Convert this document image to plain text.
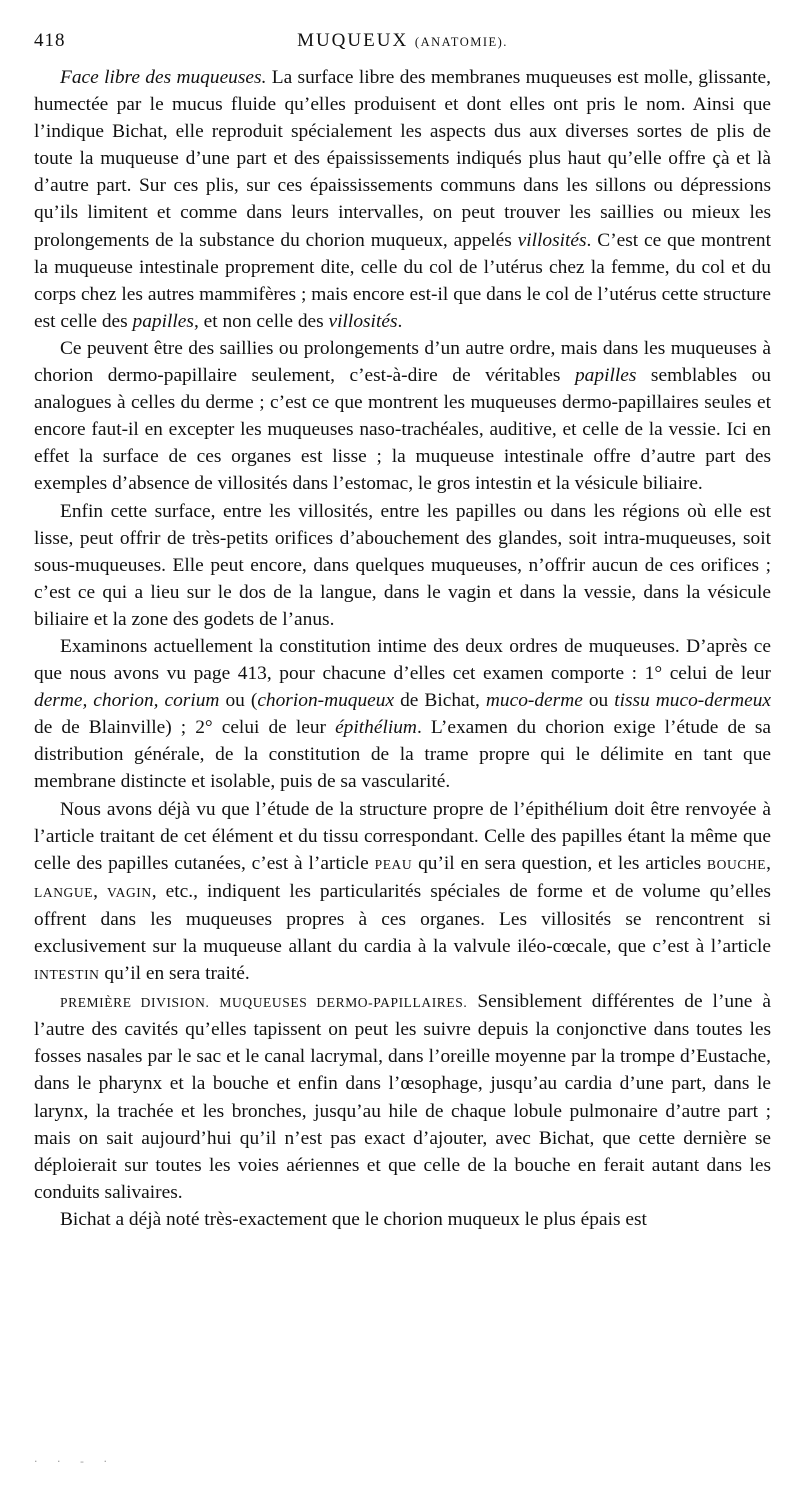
418	MUQUEUX (ANATOMIE).

Face libre des muqueuses. La surface libre des membranes muqueuses est molle, glissante, humectée par le mucus fluide qu’elles produisent et dont elles ont pris le nom. Ainsi que l’indique Bichat, elle reproduit spécialement les aspects dus aux diverses sortes de plis de toute la muqueuse d’une part et des épaississements indiqués plus haut qu’elle offre çà et là d’autre part. Sur ces plis, sur ces épaississements communs dans les sillons ou dépressions qu’ils limitent et comme dans leurs intervalles, on peut trouver les saillies ou mieux les prolongements de la substance du chorion muqueux, appelés villosités. C’est ce que montrent la muqueuse intestinale proprement dite, celle du col de l’utérus chez la femme, du col et du corps chez les autres mammifères ; mais encore est-il que dans le col de l’utérus cette structure est celle des papilles, et non celle des villosités.

Ce peuvent être des saillies ou prolongements d’un autre ordre, mais dans les muqueuses à chorion dermo-papillaire seulement, c’est-à-dire de véritables papilles semblables ou analogues à celles du derme ; c’est ce que montrent les muqueuses dermo-papillaires seules et encore faut-il en excepter les muqueuses naso-trachéales, auditive, et celle de la vessie. Ici en effet la surface de ces organes est lisse ; la muqueuse intestinale offre d’autre part des exemples d’absence de villosités dans l’estomac, le gros intestin et la vésicule biliaire.

Enfin cette surface, entre les villosités, entre les papilles ou dans les régions où elle est lisse, peut offrir de très-petits orifices d’abouchement des glandes, soit intra-muqueuses, soit sous-muqueuses. Elle peut encore, dans quelques muqueuses, n’offrir aucun de ces orifices ; c’est ce qui a lieu sur le dos de la langue, dans le vagin et dans la vessie, dans la vésicule biliaire et la zone des godets de l’anus.

Examinons actuellement la constitution intime des deux ordres de muqueuses. D’après ce que nous avons vu page 413, pour chacune d’elles cet examen comporte : 1° celui de leur derme, chorion, corium ou (chorion-muqueux de Bichat, muco-derme ou tissu muco-dermeux de de Blainville) ; 2° celui de leur épithélium. L’examen du chorion exige l’étude de sa distribution générale, de la constitution de la trame propre qui le délimite en tant que membrane distincte et isolable, puis de sa vascularité.

Nous avons déjà vu que l’étude de la structure propre de l’épithélium doit être renvoyée à l’article traitant de cet élément et du tissu correspondant. Celle des papilles étant la même que celle des papilles cutanées, c’est à l’article PEAU qu’il en sera question, et les articles BOUCHE, LANGUE, VAGIN, etc., indiquent les particularités spéciales de forme et de volume qu’elles offrent dans les muqueuses propres à ces organes. Les villosités se rencontrent si exclusivement sur la muqueuse allant du cardia à la valvule iléo-cœcale, que c’est à l’article INTESTIN qu’il en sera traité.

PREMIÈRE DIVISION. MUQUEUSES DERMO-PAPILLAIRES. Sensiblement différentes de l’une à l’autre des cavités qu’elles tapissent on peut les suivre depuis la conjonctive dans toutes les fosses nasales par le sac et le canal lacrymal, dans l’oreille moyenne par la trompe d’Eustache, dans le pharynx et la bouche et enfin dans l’œsophage, jusqu’au cardia d’une part, dans le larynx, la trachée et les bronches, jusqu’au hile de chaque lobule pulmonaire d’autre part ; mais on sait aujourd’hui qu’il n’est pas exact d’ajouter, avec Bichat, que cette dernière se déploierait sur toutes les voies aériennes et que celle de la bouche en ferait autant dans les conduits salivaires.

Bichat a déjà noté très-exactement que le chorion muqueux le plus épais est

· · - ·
